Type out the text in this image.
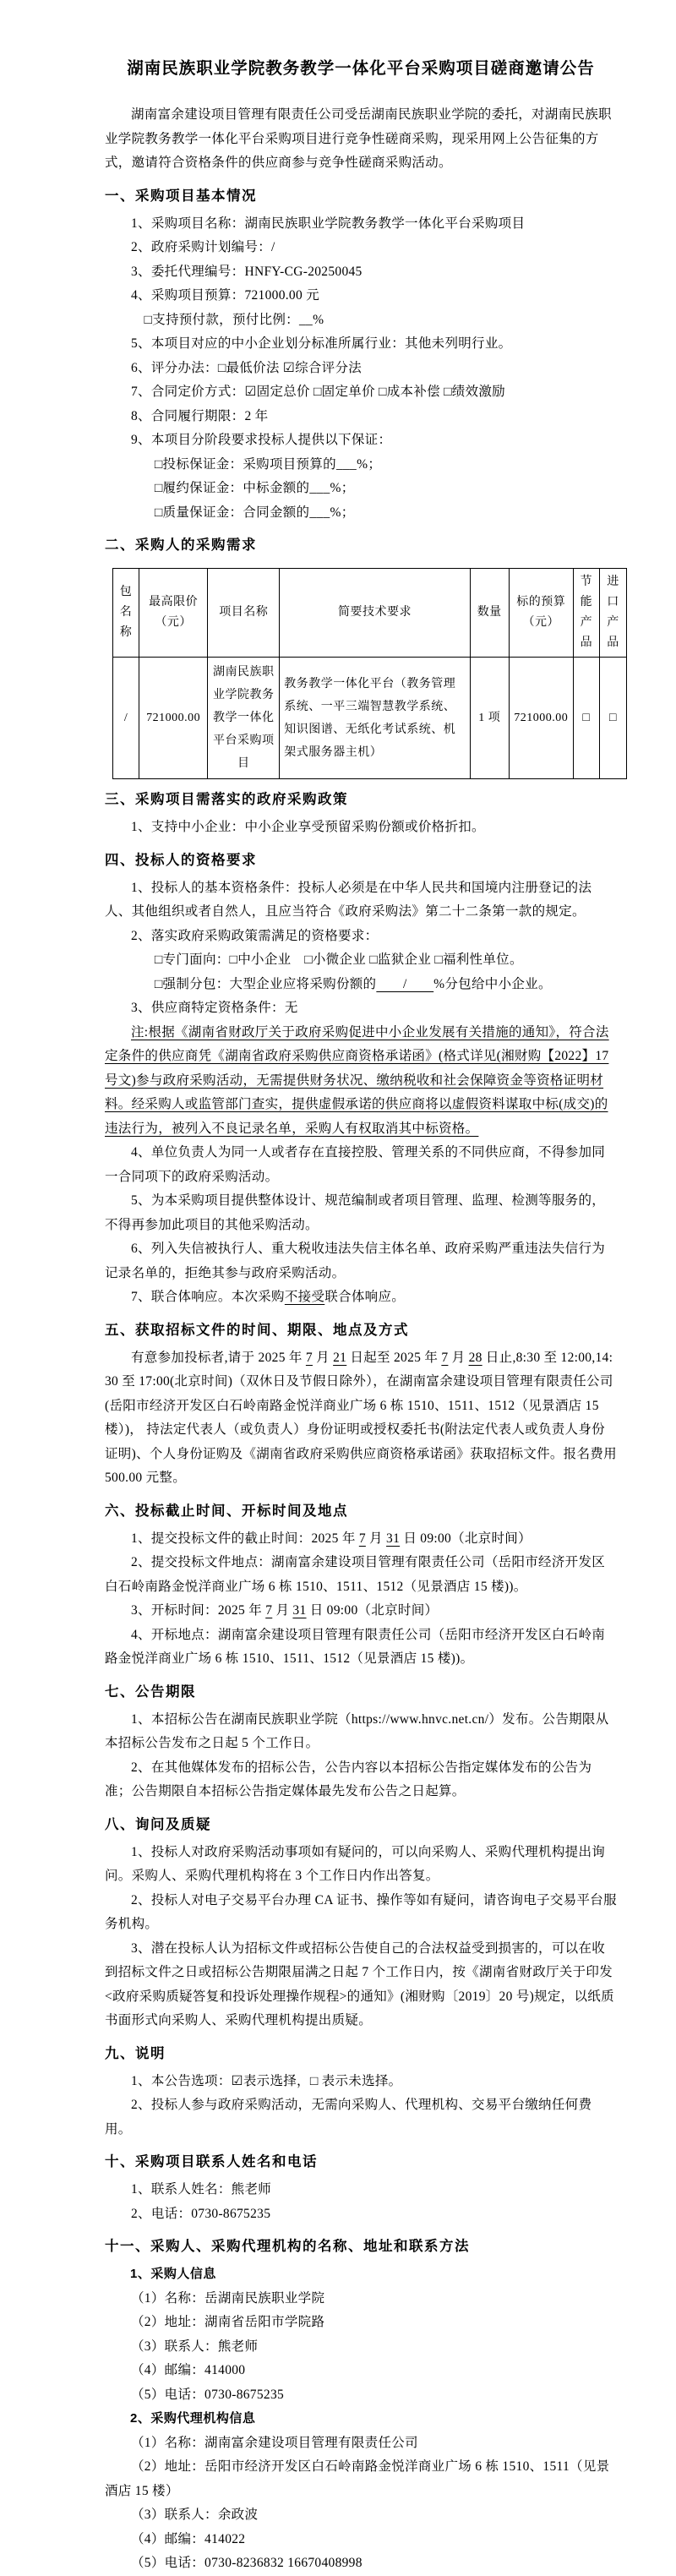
湖南民族职业学院教务教学一体化平台采购项目磋商邀请公告

湖南富余建设项目管理有限责任公司受岳湖南民族职业学院的委托，对湖南民族职业学院教务教学一体化平台采购项目进行竞争性磋商采购，现采用网上公告征集的方式，邀请符合资格条件的供应商参与竞争性磋商采购活动。

一、采购项目基本情况

1、采购项目名称：湖南民族职业学院教务教学一体化平台采购项目

2、政府采购计划编号：/

3、委托代理编号：HNFY-CG-20250045

4、采购项目预算：721000.00 元

□支持预付款，预付比例：__%

5、本项目对应的中小企业划分标准所属行业：其他未列明行业。

6、评分办法：□最低价法 ☑综合评分法

7、合同定价方式：☑固定总价 □固定单价 □成本补偿 □绩效激励

8、合同履行期限：2 年

9、本项目分阶段要求投标人提供以下保证：

□投标保证金：采购项目预算的___%；

□履约保证金：中标金额的___%；

□质量保证金：合同金额的___%；

二、采购人的采购需求
包名称	最高限价（元）	项目名称	简要技术要求	数量	标的预算（元）	节能产品	进口产品
/	721000.00	湖南民族职业学院教务教学一体化平台采购项目	教务教学一体化平台（教务管理系统、一平三端智慧教学系统、知识图谱、无纸化考试系统、机架式服务器主机）	1 项	721000.00	□	□
三、采购项目需落实的政府采购政策

1、支持中小企业：中小企业享受预留采购份额或价格折扣。

四、投标人的资格要求

1、投标人的基本资格条件：投标人必须是在中华人民共和国境内注册登记的法人、其他组织或者自然人，且应当符合《政府采购法》第二十二条第一款的规定。

2、落实政府采购政策需满足的资格要求：

□专门面向：□中小企业　□小微企业 □监狱企业 □福利性单位。

□强制分包：大型企业应将采购份额的　　/　　%分包给中小企业。

3、供应商特定资格条件：无

注:根据《湖南省财政厅关于政府采购促进中小企业发展有关措施的通知》，符合法定条件的供应商凭《湖南省政府采购供应商资格承诺函》(格式详见(湘财购【2022】17 号文)参与政府采购活动，无需提供财务状况、缴纳税收和社会保障资金等资格证明材料。经采购人或监管部门查实，提供虚假承诺的供应商将以虚假资料谋取中标(成交)的违法行为，被列入不良记录名单，采购人有权取消其中标资格。

4、单位负责人为同一人或者存在直接控股、管理关系的不同供应商，不得参加同一合同项下的政府采购活动。

5、为本采购项目提供整体设计、规范编制或者项目管理、监理、检测等服务的，不得再参加此项目的其他采购活动。

6、列入失信被执行人、重大税收违法失信主体名单、政府采购严重违法失信行为记录名单的，拒绝其参与政府采购活动。

7、联合体响应。本次采购不接受联合体响应。

五、获取招标文件的时间、期限、地点及方式

有意参加投标者,请于 2025 年 7 月 21 日起至 2025 年 7 月 28 日止,8:30 至 12:00,14:30 至 17:00(北京时间)（双休日及节假日除外），在湖南富余建设项目管理有限责任公司(岳阳市经济开发区白石岭南路金悦洋商业广场 6 栋 1510、1511、1512（见景酒店 15 楼）)， 持法定代表人（或负责人）身份证明或授权委托书(附法定代表人或负责人身份证明)、个人身份证购及《湖南省政府采购供应商资格承诺函》获取招标文件。报名费用 500.00 元整。

六、投标截止时间、开标时间及地点

1、提交投标文件的截止时间：2025 年 7 月 31 日 09:00（北京时间）

2、提交投标文件地点：湖南富余建设项目管理有限责任公司（岳阳市经济开发区白石岭南路金悦洋商业广场 6 栋 1510、1511、1512（见景酒店 15 楼))。

3、开标时间：2025 年 7 月 31 日 09:00（北京时间）

4、开标地点：湖南富余建设项目管理有限责任公司（岳阳市经济开发区白石岭南路金悦洋商业广场 6 栋 1510、1511、1512（见景酒店 15 楼))。

七、公告期限

1、本招标公告在湖南民族职业学院（https://www.hnvc.net.cn/）发布。公告期限从本招标公告发布之日起 5 个工作日。

2、在其他媒体发布的招标公告，公告内容以本招标公告指定媒体发布的公告为准；公告期限自本招标公告指定媒体最先发布公告之日起算。

八、询问及质疑

1、投标人对政府采购活动事项如有疑问的，可以向采购人、采购代理机构提出询问。采购人、采购代理机构将在 3 个工作日内作出答复。

2、投标人对电子交易平台办理 CA 证书、操作等如有疑问，请咨询电子交易平台服务机构。

3、潜在投标人认为招标文件或招标公告使自己的合法权益受到损害的，可以在收到招标文件之日或招标公告期限届满之日起 7 个工作日内，按《湖南省财政厅关于印发<政府采购质疑答复和投诉处理操作规程>的通知》(湘财购〔2019〕20 号)规定，以纸质书面形式向采购人、采购代理机构提出质疑。

九、说明

1、本公告选项：☑表示选择，□ 表示未选择。

2、投标人参与政府采购活动，无需向采购人、代理机构、交易平台缴纳任何费用。

十、采购项目联系人姓名和电话

1、联系人姓名：熊老师

2、电话：0730-8675235

十一、采购人、采购代理机构的名称、地址和联系方法
1、采购人信息

（1）名称：岳湖南民族职业学院

（2）地址：湖南省岳阳市学院路

（3）联系人：熊老师

（4）邮编：414000

（5）电话：0730-8675235

2、采购代理机构信息

（1）名称：湖南富余建设项目管理有限责任公司

（2）地址：岳阳市经济开发区白石岭南路金悦洋商业广场 6 栋 1510、1511（见景酒店 15 楼）

（3）联系人：余政波

（4）邮编：414022

（5）电话：0730-8236832 16670408998
